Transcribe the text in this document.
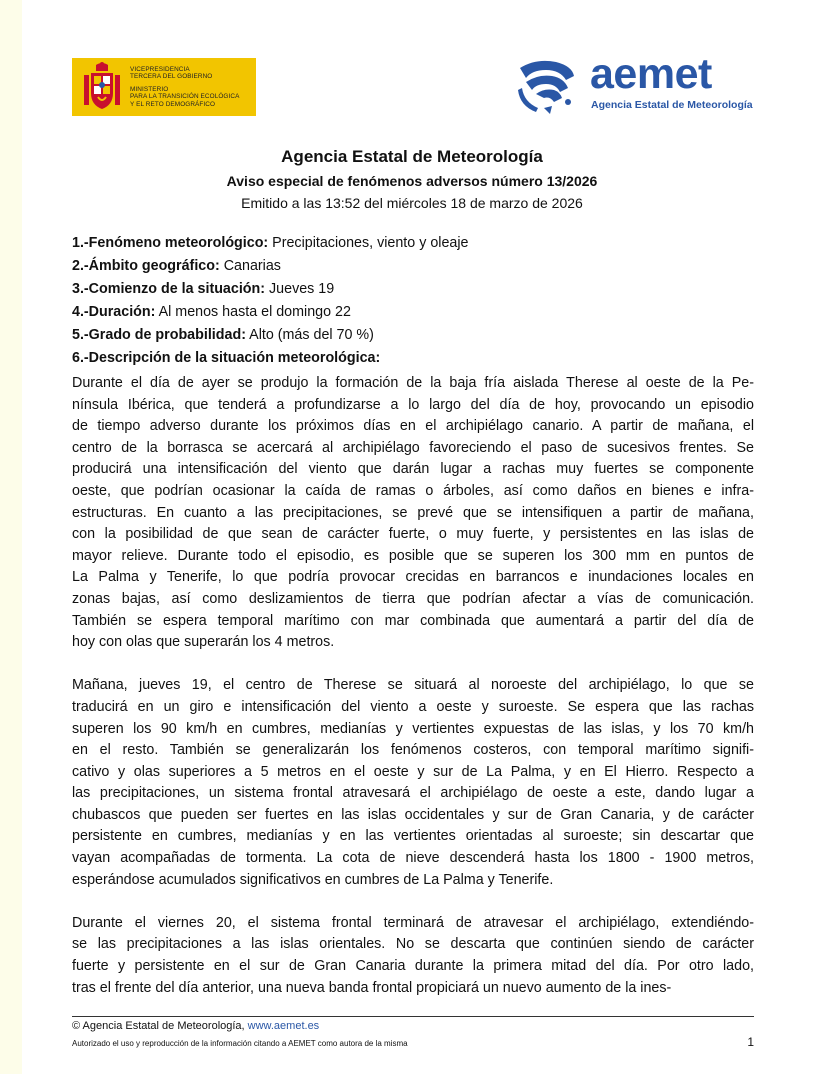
VICEPRESIDENCIA
TERCERA DEL GOBIERNO
MINISTERIO
PARA LA TRANSICIÓN ECOLÓGICA
Y EL RETO DEMOGRÁFICO
aemet
Agencia Estatal de Meteorología
Agencia Estatal de Meteorología
Aviso especial de fenómenos adversos número 13/2026
Emitido a las 13:52 del miércoles 18 de marzo de 2026
1.-Fenómeno meteorológico: Precipitaciones, viento y oleaje
2.-Ámbito geográfico: Canarias
3.-Comienzo de la situación: Jueves 19
4.-Duración: Al menos hasta el domingo 22
5.-Grado de probabilidad: Alto (más del 70 %)
6.-Descripción de la situación meteorológica:
Durante el día de ayer se produjo la formación de la baja fría aislada Therese al oeste de la Pe-
nínsula Ibérica, que tenderá a profundizarse a lo largo del día de hoy, provocando un episodio
de tiempo adverso durante los próximos días en el archipiélago canario. A partir de mañana, el
centro de la borrasca se acercará al archipiélago favoreciendo el paso de sucesivos frentes. Se
producirá una intensificación del viento que darán lugar a rachas muy fuertes se componente
oeste, que podrían ocasionar la caída de ramas o árboles, así como daños en bienes e infra-
estructuras. En cuanto a las precipitaciones, se prevé que se intensifiquen a partir de mañana,
con la posibilidad de que sean de carácter fuerte, o muy fuerte, y persistentes en las islas de
mayor relieve. Durante todo el episodio, es posible que se superen los 300 mm en puntos de
La Palma y Tenerife, lo que podría provocar crecidas en barrancos e inundaciones locales en
zonas bajas, así como deslizamientos de tierra que podrían afectar a vías de comunicación.
También se espera temporal marítimo con mar combinada que aumentará a partir del día de
hoy con olas que superarán los 4 metros.
Mañana, jueves 19, el centro de Therese se situará al noroeste del archipiélago, lo que se
traducirá en un giro e intensificación del viento a oeste y suroeste. Se espera que las rachas
superen los 90 km/h en cumbres, medianías y vertientes expuestas de las islas, y los 70 km/h
en el resto. También se generalizarán los fenómenos costeros, con temporal marítimo signifi-
cativo y olas superiores a 5 metros en el oeste y sur de La Palma, y en El Hierro. Respecto a
las precipitaciones, un sistema frontal atravesará el archipiélago de oeste a este, dando lugar a
chubascos que pueden ser fuertes en las islas occidentales y sur de Gran Canaria, y de carácter
persistente en cumbres, medianías y en las vertientes orientadas al suroeste; sin descartar que
vayan acompañadas de tormenta. La cota de nieve descenderá hasta los 1800 - 1900 metros,
esperándose acumulados significativos en cumbres de La Palma y Tenerife.
Durante el viernes 20, el sistema frontal terminará de atravesar el archipiélago, extendiéndo-
se las precipitaciones a las islas orientales. No se descarta que continúen siendo de carácter
fuerte y persistente en el sur de Gran Canaria durante la primera mitad del día. Por otro lado,
tras el frente del día anterior, una nueva banda frontal propiciará un nuevo aumento de la ines-
© Agencia Estatal de Meteorología, www.aemet.es
Autorizado el uso y reproducción de la información citando a AEMET como autora de la misma	1
